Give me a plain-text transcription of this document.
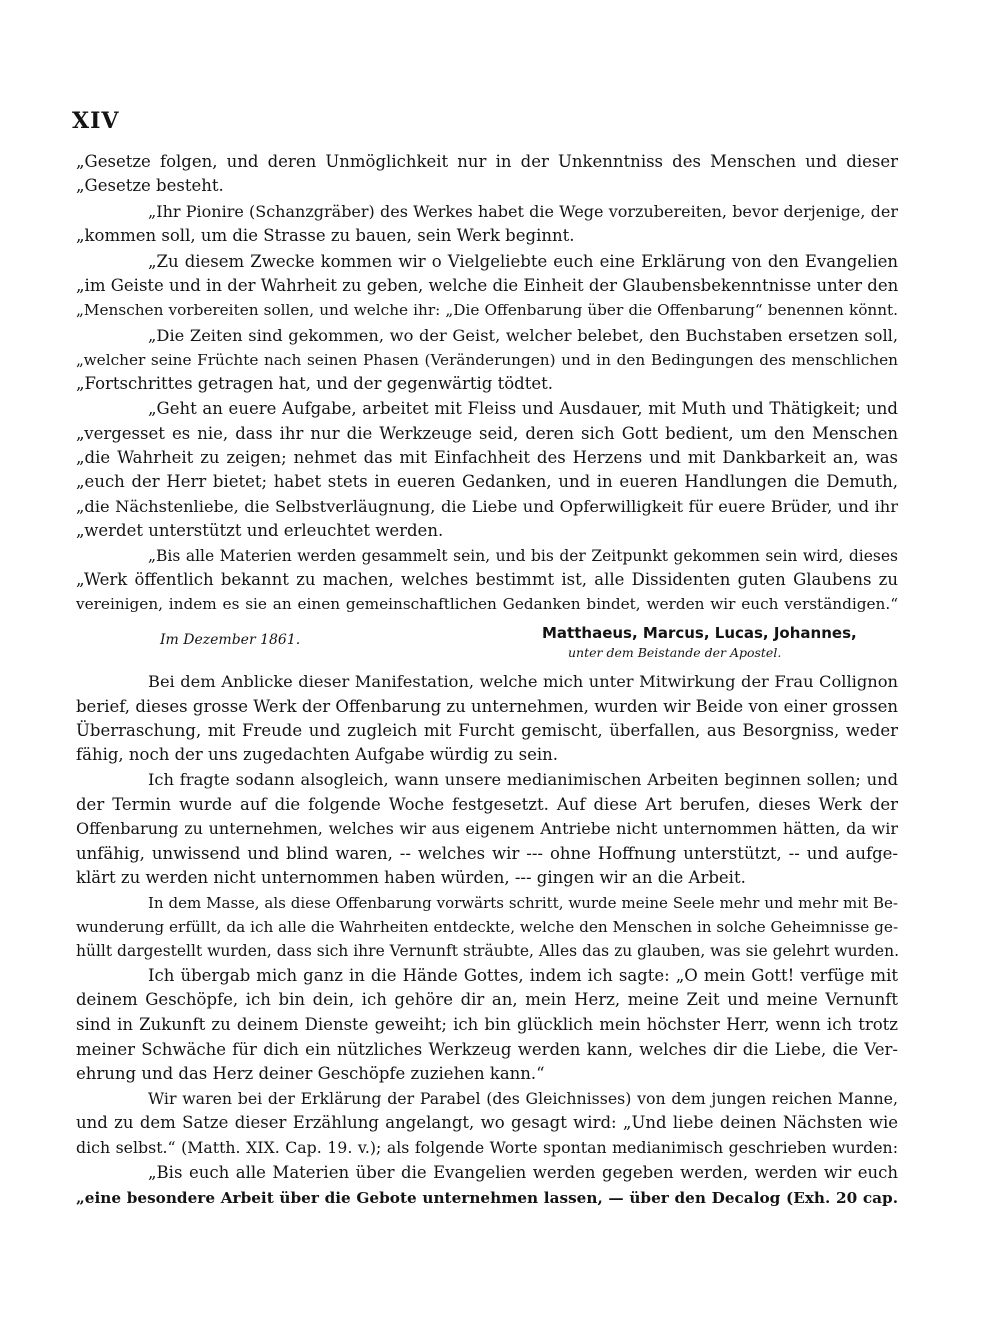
XIV
„Gesetze folgen, und deren Unmöglichkeit nur in der Unkenntniss des Menschen und dieser
„Gesetze besteht.
„Ihr Pionire (Schanzgräber) des Werkes habet die Wege vorzubereiten, bevor derjenige, der
„kommen soll, um die Strasse zu bauen, sein Werk beginnt.
„Zu diesem Zwecke kommen wir o Vielgeliebte euch eine Erklärung von den Evangelien
„im Geiste und in der Wahrheit zu geben, welche die Einheit der Glaubensbekenntnisse unter den
„Menschen vorbereiten sollen, und welche ihr: „Die Offenbarung über die Offenbarung“ benennen könnt.
„Die Zeiten sind gekommen, wo der Geist, welcher belebet, den Buchstaben ersetzen soll,
„welcher seine Früchte nach seinen Phasen (Veränderungen) und in den Bedingungen des menschlichen
„Fortschrittes getragen hat, und der gegenwärtig tödtet.
„Geht an euere Aufgabe, arbeitet mit Fleiss und Ausdauer, mit Muth und Thätigkeit; und
„vergesset es nie, dass ihr nur die Werkzeuge seid, deren sich Gott bedient, um den Menschen
„die Wahrheit zu zeigen; nehmet das mit Einfachheit des Herzens und mit Dankbarkeit an, was
„euch der Herr bietet; habet stets in eueren Gedanken, und in eueren Handlungen die Demuth,
„die Nächstenliebe, die Selbstverläugnung, die Liebe und Opferwilligkeit für euere Brüder, und ihr
„werdet unterstützt und erleuchtet werden.
„Bis alle Materien werden gesammelt sein, und bis der Zeitpunkt gekommen sein wird, dieses
„Werk öffentlich bekannt zu machen, welches bestimmt ist, alle Dissidenten guten Glaubens zu
vereinigen, indem es sie an einen gemeinschaftlichen Gedanken bindet, werden wir euch verständigen.“
Im Dezember 1861.	Matthaeus, Marcus, Lucas, Johannes,
unter dem Beistande der Apostel.
Bei dem Anblicke dieser Manifestation, welche mich unter Mitwirkung der Frau Collignon
berief, dieses grosse Werk der Offenbarung zu unternehmen, wurden wir Beide von einer grossen
Überraschung, mit Freude und zugleich mit Furcht gemischt, überfallen, aus Besorgniss, weder
fähig, noch der uns zugedachten Aufgabe würdig zu sein.
Ich fragte sodann alsogleich, wann unsere medianimischen Arbeiten beginnen sollen; und
der Termin wurde auf die folgende Woche festgesetzt. Auf diese Art berufen, dieses Werk der
Offenbarung zu unternehmen, welches wir aus eigenem Antriebe nicht unternommen hätten, da wir
unfähig, unwissend und blind waren, -- welches wir --- ohne Hoffnung unterstützt, -- und aufge-
klärt zu werden nicht unternommen haben würden, --- gingen wir an die Arbeit.
In dem Masse, als diese Offenbarung vorwärts schritt, wurde meine Seele mehr und mehr mit Be-
wunderung erfüllt, da ich alle die Wahrheiten entdeckte, welche den Menschen in solche Geheimnisse ge-
hüllt dargestellt wurden, dass sich ihre Vernunft sträubte, Alles das zu glauben, was sie gelehrt wurden.
Ich übergab mich ganz in die Hände Gottes, indem ich sagte: „O mein Gott! verfüge mit
deinem Geschöpfe, ich bin dein, ich gehöre dir an, mein Herz, meine Zeit und meine Vernunft
sind in Zukunft zu deinem Dienste geweiht; ich bin glücklich mein höchster Herr, wenn ich trotz
meiner Schwäche für dich ein nützliches Werkzeug werden kann, welches dir die Liebe, die Ver-
ehrung und das Herz deiner Geschöpfe zuziehen kann.“
Wir waren bei der Erklärung der Parabel (des Gleichnisses) von dem jungen reichen Manne,
und zu dem Satze dieser Erzählung angelangt, wo gesagt wird: „Und liebe deinen Nächsten wie
dich selbst.“ (Matth. XIX. Cap. 19. v.); als folgende Worte spontan medianimisch geschrieben wurden:
„Bis euch alle Materien über die Evangelien werden gegeben werden, werden wir euch
„eine besondere Arbeit über die Gebote unternehmen lassen, — über den Decalog (Exh. 20 cap.
